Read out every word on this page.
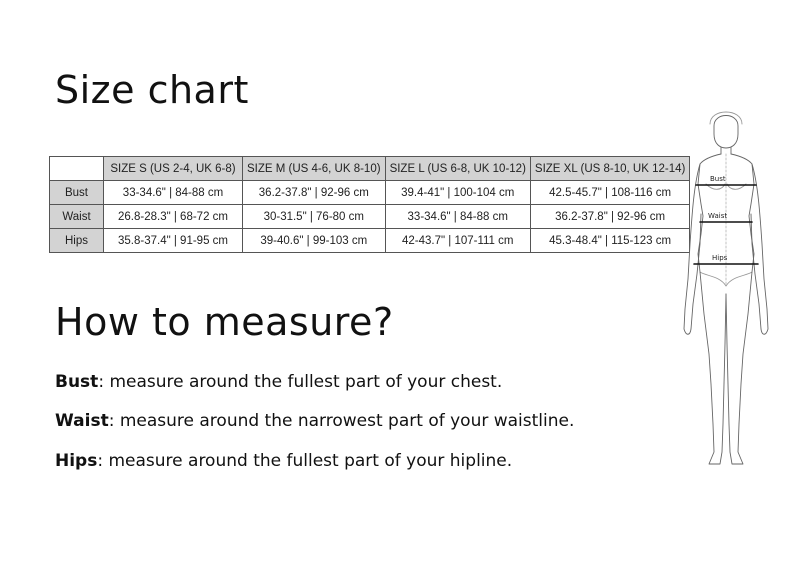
Size chart
	SIZE S (US 2-4, UK 6-8)	SIZE M (US 4-6, UK 8-10)	SIZE L (US 6-8, UK 10-12)	SIZE XL (US 8-10, UK 12-14)
Bust	33-34.6" | 84-88 cm	36.2-37.8" | 92-96 cm	39.4-41" | 100-104 cm	42.5-45.7" | 108-116 cm
Waist	26.8-28.3" | 68-72 cm	30-31.5" | 76-80 cm	33-34.6" | 84-88 cm	36.2-37.8" | 92-96 cm
Hips	35.8-37.4" | 91-95 cm	39-40.6" | 99-103 cm	42-43.7" | 107-111 cm	45.3-48.4" | 115-123 cm
How to measure?

Bust: measure around the fullest part of your chest.

Waist: measure around the narrowest part of your waistline.

Hips: measure around the fullest part of your hipline.

Bust
Waist
Hips
